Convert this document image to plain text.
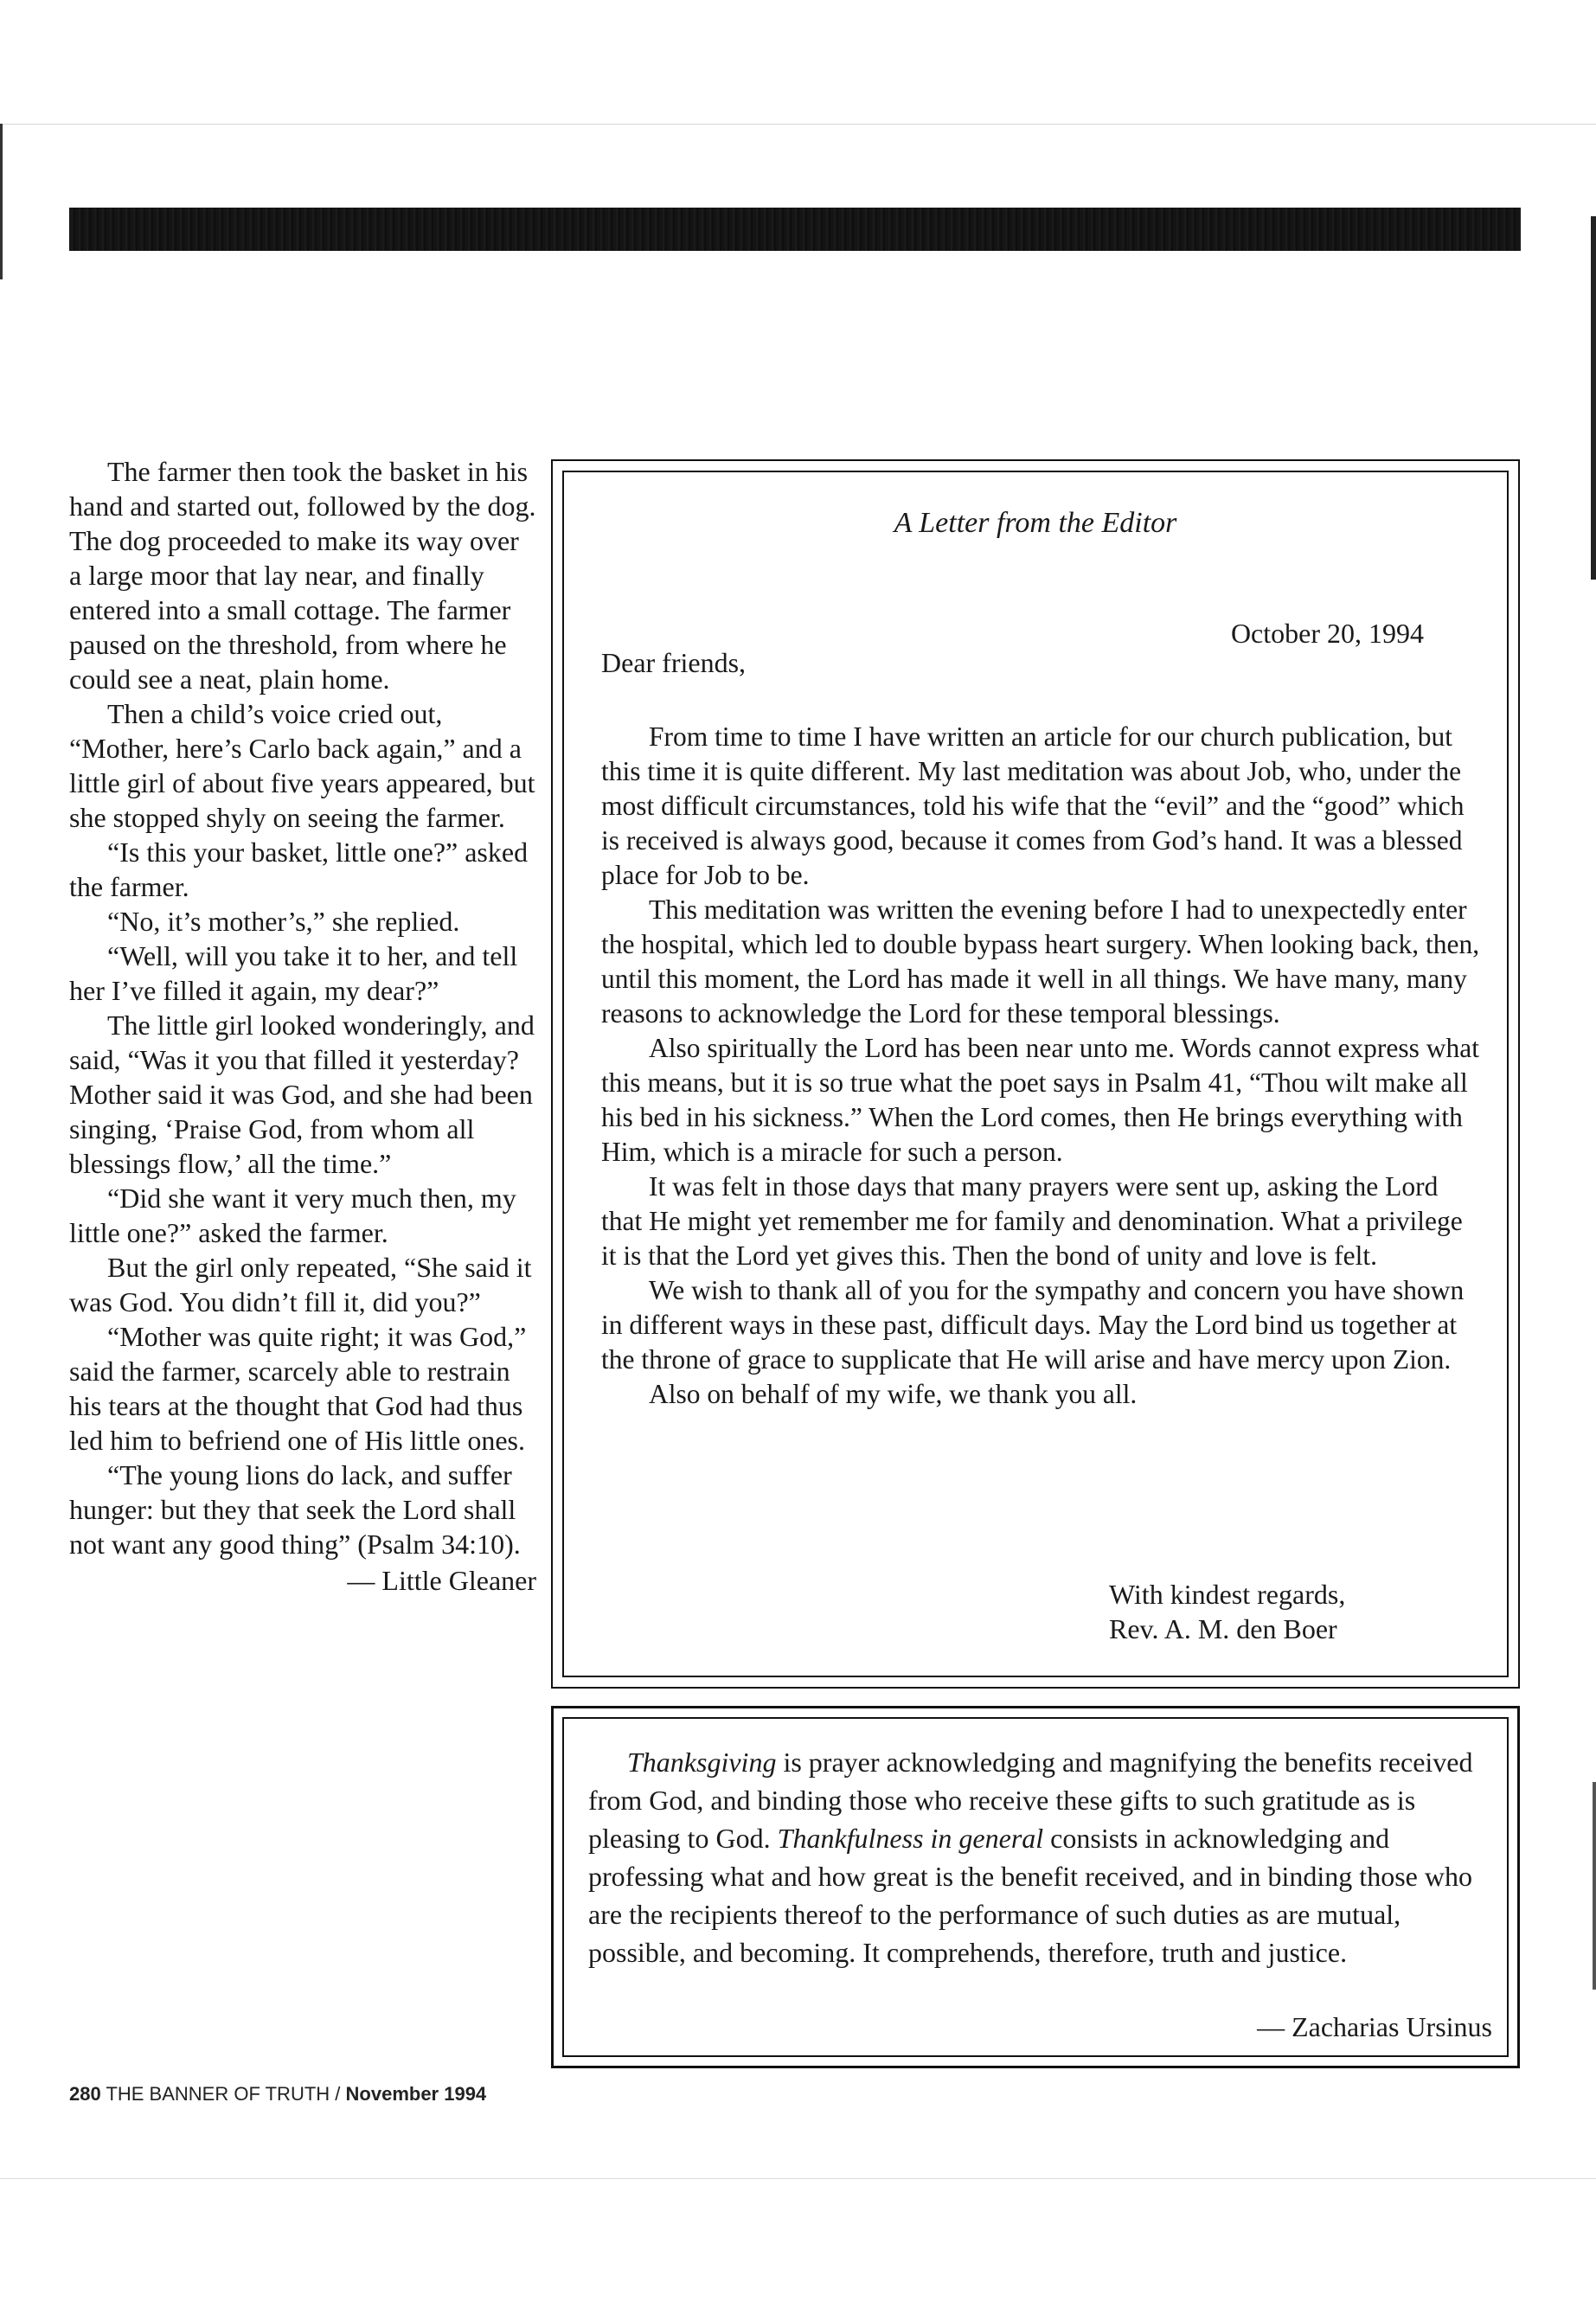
The farmer then took the basket in his hand and started out, followed by the dog. The dog proceeded to make its way over a large moor that lay near, and finally entered into a small cottage. The farmer paused on the threshold, from where he could see a neat, plain home.

Then a child’s voice cried out, “Mother, here’s Carlo back again,” and a little girl of about five years appeared, but she stopped shyly on seeing the farmer.

“Is this your basket, little one?” asked the farmer.

“No, it’s mother’s,” she replied.

“Well, will you take it to her, and tell her I’ve filled it again, my dear?”

The little girl looked wonderingly, and said, “Was it you that filled it yesterday? Mother said it was God, and she had been singing, ‘Praise God, from whom all blessings flow,’ all the time.”

“Did she want it very much then, my little one?” asked the farmer.

But the girl only repeated, “She said it was God. You didn’t fill it, did you?”

“Mother was quite right; it was God,” said the farmer, scarcely able to restrain his tears at the thought that God had thus led him to befriend one of His little ones.

“The young lions do lack, and suffer hunger: but they that seek the Lord shall not want any good thing” (Psalm 34:10).

— Little Gleaner

A Letter from the Editor
October 20, 1994
Dear friends,

From time to time I have written an article for our church publication, but this time it is quite different. My last meditation was about Job, who, under the most difficult circumstances, told his wife that the “evil” and the “good” which is received is always good, because it comes from God’s hand. It was a blessed place for Job to be.

This meditation was written the evening before I had to unexpectedly enter the hospital, which led to double bypass heart surgery. When looking back, then, until this moment, the Lord has made it well in all things. We have many, many reasons to acknowledge the Lord for these temporal blessings.

Also spiritually the Lord has been near unto me. Words cannot express what this means, but it is so true what the poet says in Psalm 41, “Thou wilt make all his bed in his sickness.” When the Lord comes, then He brings everything with Him, which is a miracle for such a person.

It was felt in those days that many prayers were sent up, asking the Lord that He might yet remember me for family and denomination. What a privilege it is that the Lord yet gives this. Then the bond of unity and love is felt.

We wish to thank all of you for the sympathy and concern you have shown in different ways in these past, difficult days. May the Lord bind us together at the throne of grace to supplicate that He will arise and have mercy upon Zion.

Also on behalf of my wife, we thank you all.

With kindest regards,
Rev. A. M. den Boer

Thanksgiving is prayer acknowledging and magnifying the benefits received from God, and binding those who receive these gifts to such gratitude as is pleasing to God. Thankfulness in general consists in acknowledging and professing what and how great is the benefit received, and in binding those who are the recipients thereof to the performance of such duties as are mutual, possible, and becoming. It comprehends, therefore, truth and justice.

— Zacharias Ursinus
280 THE BANNER OF TRUTH / November 1994
